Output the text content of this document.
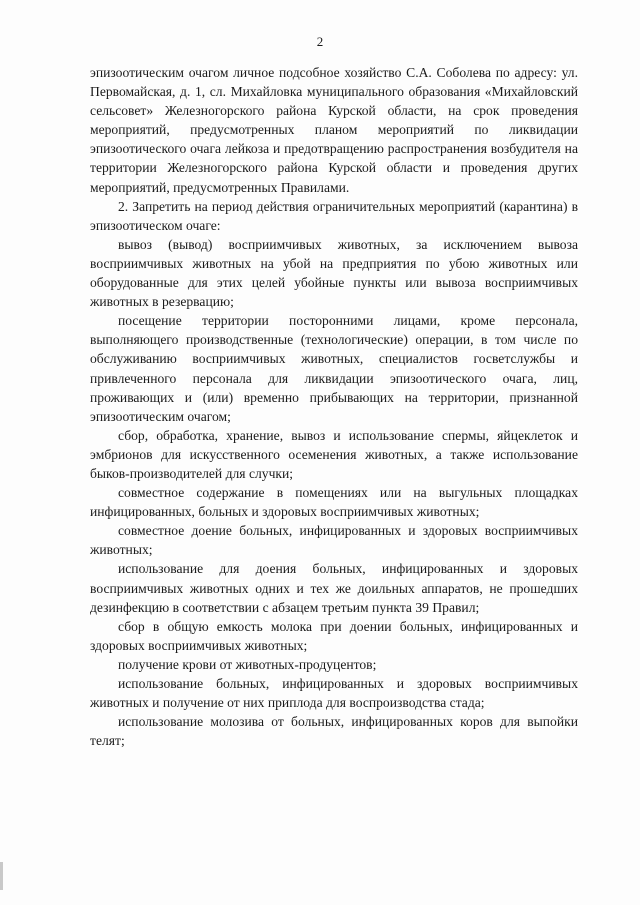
2

эпизоотическим очагом личное подсобное хозяйство С.А. Соболева по адресу: ул. Первомайская, д. 1, сл. Михайловка муниципального образования «Михайловский сельсовет» Железногорского района Курской области, на срок проведения мероприятий, предусмотренных планом мероприятий по ликвидации эпизоотического очага лейкоза и предотвращению распространения возбудителя на территории Железногорского района Курской области и проведения других мероприятий, предусмотренных Правилами.

2. Запретить на период действия ограничительных мероприятий (карантина) в эпизоотическом очаге:

вывоз (вывод) восприимчивых животных, за исключением вывоза восприимчивых животных на убой на предприятия по убою животных или оборудованные для этих целей убойные пункты или вывоза восприимчивых животных в резервацию;

посещение территории посторонними лицами, кроме персонала, выполняющего производственные (технологические) операции, в том числе по обслуживанию восприимчивых животных, специалистов госветслужбы и привлеченного персонала для ликвидации эпизоотического очага, лиц, проживающих и (или) временно прибывающих на территории, признанной эпизоотическим очагом;

сбор, обработка, хранение, вывоз и использование спермы, яйцеклеток и эмбрионов для искусственного осеменения животных, а также использование быков-производителей для случки;

совместное содержание в помещениях или на выгульных площадках инфицированных, больных и здоровых восприимчивых животных;

совместное доение больных, инфицированных и здоровых восприимчивых животных;

использование для доения больных, инфицированных и здоровых восприимчивых животных одних и тех же доильных аппаратов, не прошедших дезинфекцию в соответствии с абзацем третьим пункта 39 Правил;

сбор в общую емкость молока при доении больных, инфицированных и здоровых восприимчивых животных;

получение крови от животных-продуцентов;

использование больных, инфицированных и здоровых восприимчивых животных и получение от них приплода для воспроизводства стада;

использование молозива от больных, инфицированных коров для выпойки телят;
